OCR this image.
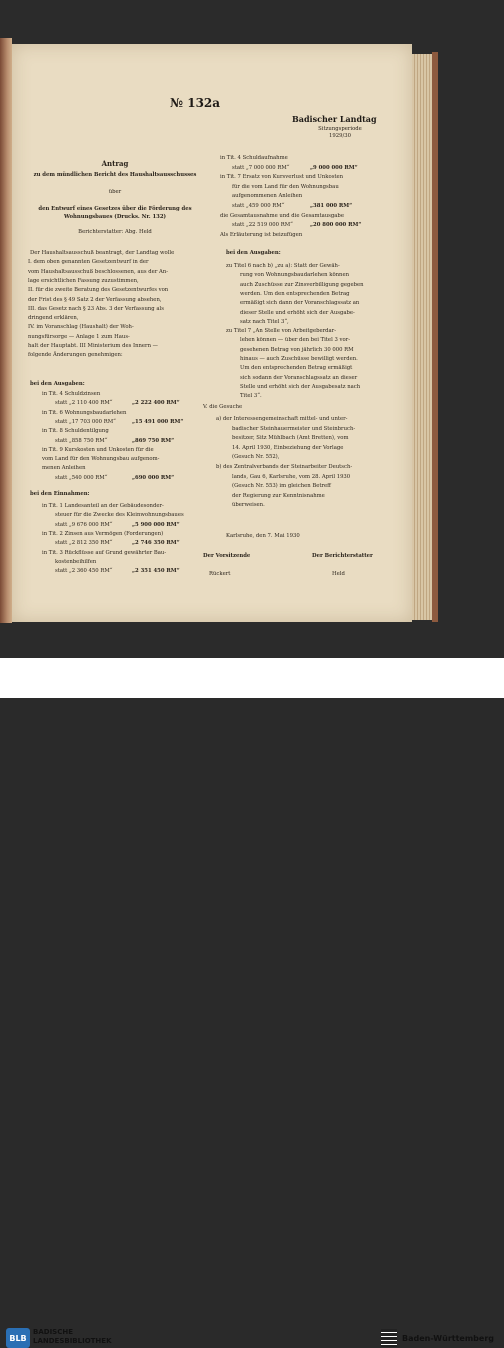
№ 132a
Badischer Landtag
Sitzungsperiode
1929/30
Antrag
zu dem mündlichen Bericht des Haushaltsausschusses
über
den Entwurf eines Gesetzes über die Förderung des
Wohnungsbaues (Drucks. Nr. 132)
Berichterstatter: Abg. Held
bei den Ausgaben:
bei den Einnahmen:
bei den Ausgaben:
V. die Gesuche
Karlsruhe, den 7. Mai 1930
Der Vorsitzende	Der Berichterstatter
Rückert	Held
Der Haushaltsausschuß beantragt, der Landtag wolle
I. dem oben genannten Gesetzentwurf in der
vom Haushaltsausschuß beschlossenen, aus der An-
lage ersichtlichen Fassung zuzustimmen,
II. für die zweite Beratung des Gesetzentwurfes von
der Frist des § 49 Satz 2 der Verfassung absehen,
III. das Gesetz nach § 23 Abs. 3 der Verfassung als
dringend erklären,
IV. im Voranschlag (Haushalt) der Woh-
nungsfürsorge — Anlage 1 zum Haus-
halt der Hauptabt. III Ministerium des Innern —
folgende Änderungen genehmigen:
in Tit. 4 Schuldzinsen
statt „2 110 400 RM“	„2 222 400 RM“
in Tit. 6 Wohnungsbaudarlehen
statt „17 703 000 RM“	„15 491 000 RM“
in Tit. 8 Schuldentilgung
statt „858 750 RM“	„869 750 RM“
in Tit. 9 Kurskosten und Unkosten für die
vom Land für den Wohnungsbau aufgenom-
menen Anleihen
statt „540 000 RM“	„690 000 RM“
in Tit. 1 Landesanteil an der Gebäudesonder-
steuer für die Zwecke des Kleinwohnungsbaues
statt „9 676 000 RM“	„5 900 000 RM“
in Tit. 2 Zinsen aus Vermögen (Forderungen)
statt „2 812 350 RM“	„2 746 350 RM“
in Tit. 3 Rückflüsse auf Grund gewährter Bau-
kostenbeihilfen
statt „2 360 450 RM“	„2 351 450 RM“
in Tit. 4 Schuldaufnahme
statt „7 000 000 RM“	„9 000 000 RM“
in Tit. 7 Ersatz von Kursverlust und Unkosten
für die vom Land für den Wohnungsbau
aufgenommenen Anleihen
statt „459 000 RM“	„381 000 RM“
die Gesamtausnahme und die Gesamtausgabe
statt „22 519 000 RM“	„20 800 000 RM“
Als Erläuterung ist beizufügen
zu Titel 6 nach b) „zu a): Statt der Gewäh-
rung von Wohnungsbaudarlehen können
auch Zuschüsse zur Zinsverbilligung gegeben
werden. Um den entsprechenden Betrag
ermäßigt sich dann der Voranschlagssatz an
dieser Stelle und erhöht sich der Ausgabe-
satz nach Titel 3“,
zu Titel 7 „An Stelle von Arbeitgeberdar-
lehen können — über den bei Titel 3 vor-
gesehenen Betrag von jährlich 30 000 RM
hinaus — auch Zuschüsse bewilligt werden.
Um den entsprechenden Betrag ermäßigt
sich sodann der Voranschlagssatz an dieser
Stelle und erhöht sich der Ausgabesatz nach
Titel 3“.
a) der Interessengemeinschaft mittel- und unter-
badischer Steinhauermeister und Steinbruch-
besitzer, Sitz Mühlbach (Amt Bretten), vom
14. April 1930, Einbeziehung der Vorlage
(Gesuch Nr. 552),
b) des Zentralverbands der Steinarbeiter Deutsch-
lands, Gau 6, Karlsruhe, vom 28. April 1930
(Gesuch Nr. 553) im gleichen Betreff
der Regierung zur Kenntnisnahme
überweisen.
BLB
BADISCHE
LANDESBIBLIOTHEK	Baden-Württemberg
